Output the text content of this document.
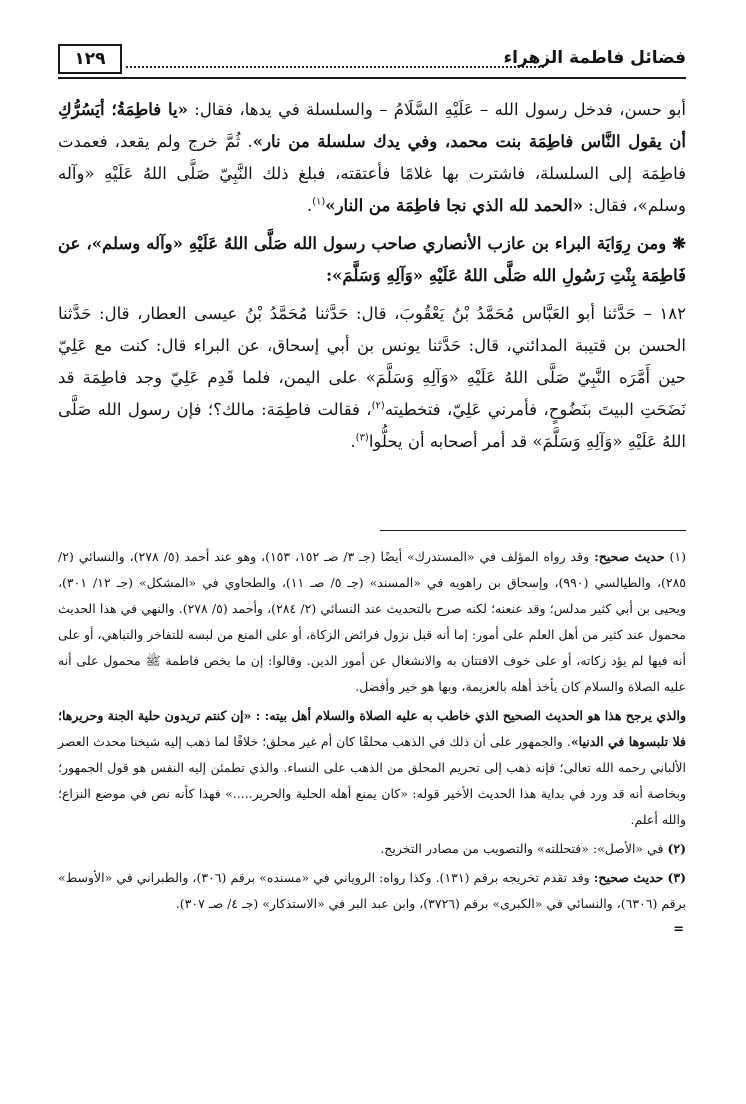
فضائل فاطمة الزهراء
١٢٩

أبو حسن، فدخل رسول الله – عَلَيْهِ السَّلَامُ – والسلسلة في يدها، فقال: «يا فاطِمَةُ؛ أيَسُرُّكِ أن يقول النَّاس فاطِمَة بنت محمد، وفي يدك سلسلة من نار». ثُمَّ خرج ولم يقعد، فعمدت فاطِمَة إلى السلسلة، فاشترت بها غلامًا فأعتقته، فبلغ ذلك النَّبِيّ صَلَّى اللهُ عَلَيْهِ «وآله وسلم»، فقال: «الحمد لله الذي نجا فاطِمَة من النار»$^{(١)}$.

❋ ومن رِوَايَة البراء بن عازب الأنصاري صاحب رسول الله صَلَّى اللهُ عَلَيْهِ «وآله وسلم»، عن فَاطِمَة بِنْتِ رَسُولِ الله صَلَّى اللهُ عَلَيْهِ «وَآلِهِ وَسَلَّمَ»:

١٨٢ – حَدَّثنا أبو العَبَّاس مُحَمَّدُ بْنُ يَعْقُوبَ، قال: حَدَّثنا مُحَمَّدُ بْنُ عيسى العطار، قال: حَدَّثنا الحسن بن قتيبة المدائني، قال: حَدَّثنا يونس بن أبي إسحاق، عن البراء قال: كنت مع عَلِيّ حين أَمَّرَه النَّبِيّ صَلَّى اللهُ عَلَيْهِ «وَآلِهِ وَسَلَّمَ» على اليمن، فلما قَدِم عَلِيّ وجد فاطِمَة قد نَضَحَتِ البيتَ بنَضُوحٍ، فأمرني عَلِيّ، فتخطيته$^{(٢)}$، فقالت فاطِمَة: مالك؟؛ فإن رسول الله صَلَّى اللهُ عَلَيْهِ «وَآلِهِ وَسَلَّمَ» قد أمر أصحابه أن يحلُّوا$^{(٣)}$.

(١) حديث صحيح: وقد رواه المؤلف في «المستدرك» أيضًا (جـ ٣/ صـ ١٥٢، ١٥٣)، وهو عند أحمد (٥/ ٢٧٨)، والنسائي (٢/ ٢٨٥)، والطيالسي (٩٩٠)، وإسحاق بن راهويه في «المسند» (جـ ٥/ صـ ١١)، والطحاوي في «المشكل» (جـ ١٢/ ٣٠١)، ويحيى بن أبي كثير مدلس؛ وقد عنعنه؛ لكنه صرح بالتحديث عند النسائي (٢/ ٢٨٤)، وأحمد (٥/ ٢٧٨). والنهي في هذا الحديث محمول عند كثير من أهل العلم على أمور: إما أنه قبل نزول فرائض الزكاة، أو على المنع من لبسه للتفاخر والتباهي، أو على أنه فيها لم يؤد زكاته، أو على خوف الافتتان به والانشغال عن أمور الدين. وقالوا: إن ما يخص فاطمة ﷺ محمول على أنه عليه الصلاة والسلام كان يأخذ أهله بالعزيمة، وبها هو خير وأفضل.

والذي يرجح هذا هو الحديث الصحيح الذي خاطب به عليه الصلاة والسلام أهل بيته: : «إن كنتم تريدون حلية الجنة وحريرها؛ فلا تلبسوها في الدنيا». والجمهور على أن ذلك في الذهب محلقًا كان أم غير محلق؛ خلافًا لما ذهب إليه شيخنا محدث العصر الألباني رحمه الله تعالى؛ فإنه ذهب إلى تحريم المحلق من الذهب على النساء. والذي تطمئن إليه النفس هو قول الجمهور؛ وبخاصة أنه قد ورد في بداية هذا الحديث الأخير قوله: «كان يمنع أهله الحلية والحرير.....» فهذا كأنه نص في موضع النزاع؛ والله أعلم.

(٢) في «الأصل»: «فتحللته» والتصويب من مصادر التخريج.

(٣) حديث صحيح: وقد تقدم تخريجه برقم (١٣١). وكذا رواه: الروياني في «مسنده» برقم (٣٠٦)، والطبراني في «الأوسط» برقم (٦٣٠٦)، والنسائي في «الكبرى» برقم (٣٧٢٦)، وابن عبد البر في «الاستذكار» (جـ ٤/ صـ ٣٠٧).

=
